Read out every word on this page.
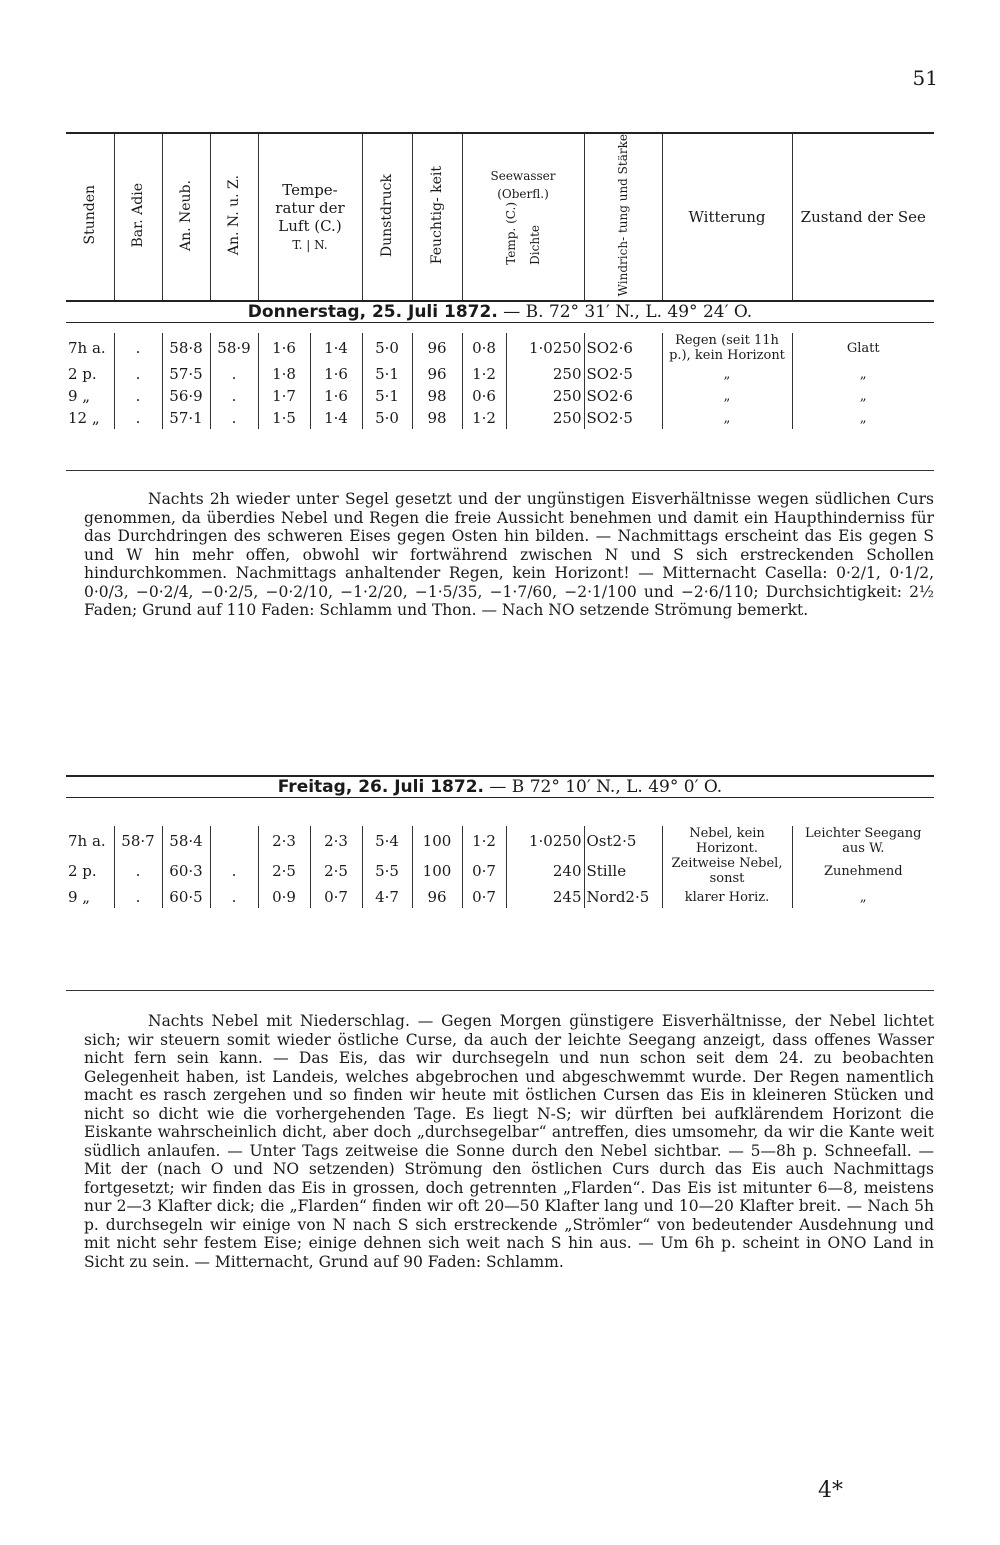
51
Stunden	Bar. Adie	An. Neub.	An. N. u. Z.	Tempe- ratur der Luft (C.)
T. | N.	Dunstdruck	Feuchtig- keit	Seewasser (Oberfl.)
Temp. (C.) Dichte	Windrich- tung und Stärke	Witterung	Zustand der See
Donnerstag, 25. Juli 1872. — B. 72° 31′ N., L. 49° 24′ O.
7h a.	.	58·8	58·9	1·6	1·4	5·0	96	0·8	1·0250	SO2·6	Regen (seit 11h p.), kein Horizont	Glatt
2 p.	.	57·5	.	1·8	1·6	5·1	96	1·2	250	SO2·5	„	„
9 „	.	56·9	.	1·7	1·6	5·1	98	0·6	250	SO2·6	„	„
12 „	.	57·1	.	1·5	1·4	5·0	98	1·2	250	SO2·5	„	„

Nachts 2h wieder unter Segel gesetzt und der ungünstigen Eisverhältnisse wegen südlichen Curs genommen, da überdies Nebel und Regen die freie Aussicht benehmen und damit ein Haupthinderniss für das Durchdringen des schweren Eises gegen Osten hin bilden. — Nachmittags erscheint das Eis gegen S und W hin mehr offen, obwohl wir fortwährend zwischen N und S sich erstreckenden Schollen hindurchkommen. Nachmittags anhaltender Regen, kein Horizont! — Mitternacht Casella: 0·2/1, 0·1/2, 0·0/3, −0·2/4, −0·2/5, −0·2/10, −1·2/20, −1·5/35, −1·7/60, −2·1/100 und −2·6/110; Durchsichtigkeit: 2½ Faden; Grund auf 110 Faden: Schlamm und Thon. — Nach NO setzende Strömung bemerkt.

Freitag, 26. Juli 1872. — B 72° 10′ N., L. 49° 0′ O.
7h a.	58·7	58·4		2·3	2·3	5·4	100	1·2	1·0250	Ost2·5	Nebel, kein Horizont.	Leichter Seegang aus W.
2 p.	.	60·3	.	2·5	2·5	5·5	100	0·7	240	Stille	Zeitweise Nebel, sonst	Zunehmend
9 „	.	60·5	.	0·9	0·7	4·7	96	0·7	245	Nord2·5	klarer Horiz.	„

Nachts Nebel mit Niederschlag. — Gegen Morgen günstigere Eisverhältnisse, der Nebel lichtet sich; wir steuern somit wieder östliche Curse, da auch der leichte Seegang anzeigt, dass offenes Wasser nicht fern sein kann. — Das Eis, das wir durchsegeln und nun schon seit dem 24. zu beobachten Gelegenheit haben, ist Landeis, welches abgebrochen und abgeschwemmt wurde. Der Regen namentlich macht es rasch zergehen und so finden wir heute mit östlichen Cursen das Eis in kleineren Stücken und nicht so dicht wie die vorhergehenden Tage. Es liegt N-S; wir dürften bei aufklärendem Horizont die Eiskante wahrscheinlich dicht, aber doch „durchsegelbar“ antreffen, dies umsomehr, da wir die Kante weit südlich anlaufen. — Unter Tags zeitweise die Sonne durch den Nebel sichtbar. — 5—8h p. Schneefall. — Mit der (nach O und NO setzenden) Strömung den östlichen Curs durch das Eis auch Nachmittags fortgesetzt; wir finden das Eis in grossen, doch getrennten „Flarden“. Das Eis ist mitunter 6—8, meistens nur 2—3 Klafter dick; die „Flarden“ finden wir oft 20—50 Klafter lang und 10—20 Klafter breit. — Nach 5h p. durchsegeln wir einige von N nach S sich erstreckende „Strömler“ von bedeutender Ausdehnung und mit nicht sehr festem Eise; einige dehnen sich weit nach S hin aus. — Um 6h p. scheint in ONO Land in Sicht zu sein. — Mitternacht, Grund auf 90 Faden: Schlamm.

4*
